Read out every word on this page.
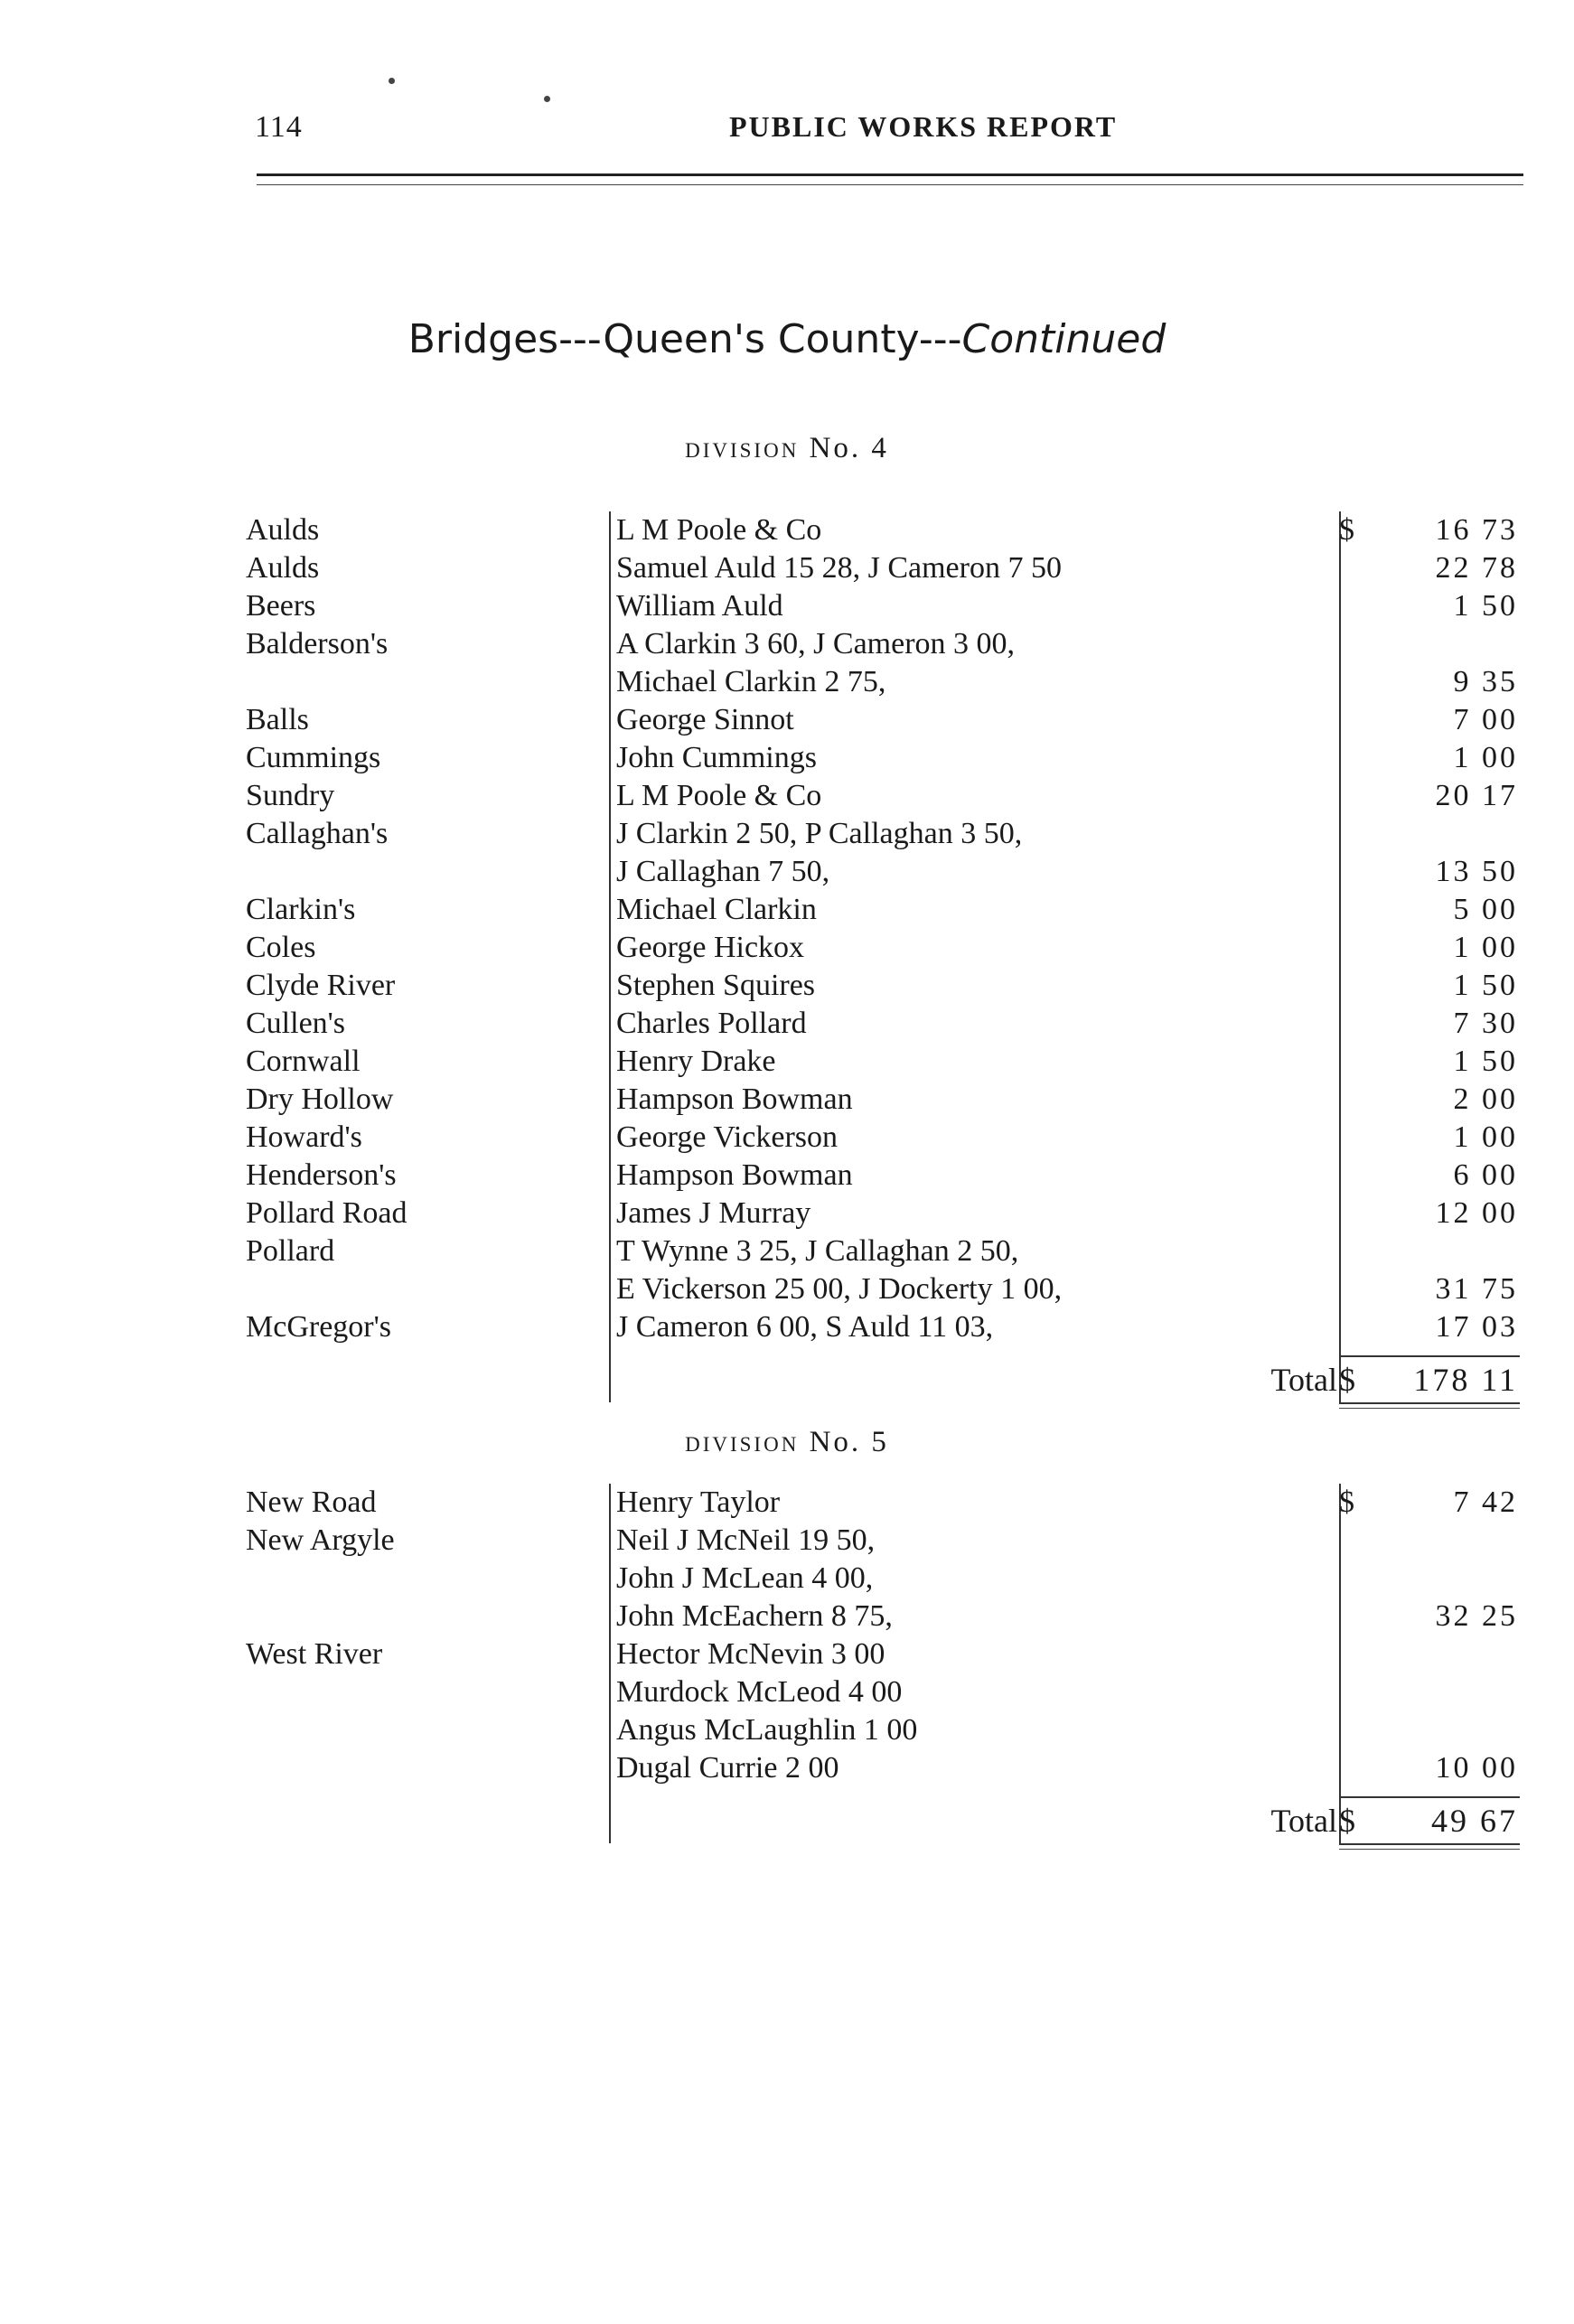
114	PUBLIC WORKS REPORT
Bridges---Queen's County---Continued
division No. 4
$
Aulds	L M Poole & Co	16 73
Aulds	Samuel Auld 15 28, J Cameron 7 50	22 78
Beers	William Auld	1 50
Balderson's	A Clarkin 3 60, J Cameron 3 00,
Michael Clarkin 2 75,	9 35
Balls	George Sinnot	7 00
Cummings	John Cummings	1 00
Sundry	L M Poole & Co	20 17
Callaghan's	J Clarkin 2 50, P Callaghan 3 50,
J Callaghan 7 50,	13 50
Clarkin's	Michael Clarkin	5 00
Coles	George Hickox	1 00
Clyde River	Stephen Squires	1 50
Cullen's	Charles Pollard	7 30
Cornwall	Henry Drake	1 50
Dry Hollow	Hampson Bowman	2 00
Howard's	George Vickerson	1 00
Henderson's	Hampson Bowman	6 00
Pollard Road	James J Murray	12 00
Pollard	T Wynne 3 25, J Callaghan 2 50,
E Vickerson 25 00, J Dockerty 1 00,	31 75
McGregor's	J Cameron 6 00, S Auld 11 03,	17 03
Total $ 178 11
division No. 5
$
New Road	Henry Taylor	7 42
New Argyle	Neil J McNeil 19 50,
John J McLean 4 00,
John McEachern 8 75,	32 25
West River	Hector McNevin 3 00
Murdock McLeod 4 00
Angus McLaughlin 1 00
Dugal Currie 2 00	10 00
Total $ 49 67
